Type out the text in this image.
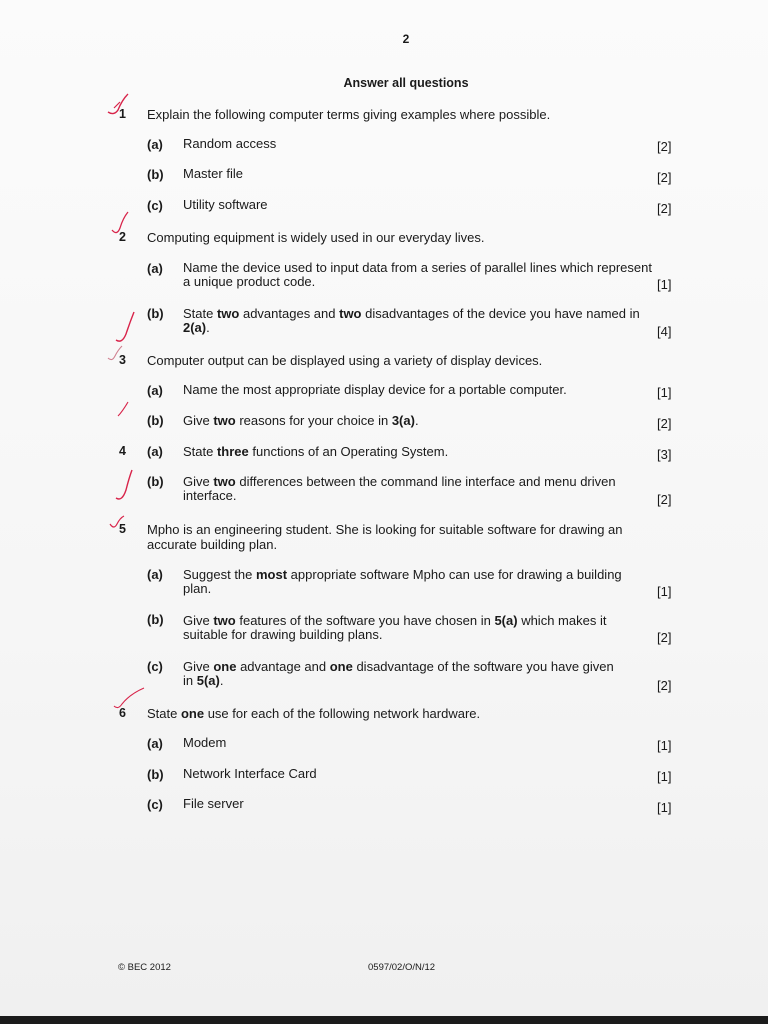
2
Answer all questions
1 Explain the following computer terms giving examples where possible.
(a) Random access	[2]
(b) Master file	[2]
(c) Utility software	[2]
2 Computing equipment is widely used in our everyday lives.
(a) Name the device used to input data from a series of parallel lines which represent a unique product code.	[1]
(b) State two advantages and two disadvantages of the device you have named in 2(a).	[4]
3 Computer output can be displayed using a variety of display devices.
(a) Name the most appropriate display device for a portable computer.	[1]
(b) Give two reasons for your choice in 3(a).	[2]
4 (a) State three functions of an Operating System.	[3]
(b) Give two differences between the command line interface and menu driven interface.	[2]
5 Mpho is an engineering student. She is looking for suitable software for drawing an accurate building plan.
(a) Suggest the most appropriate software Mpho can use for drawing a building plan.	[1]
(b) Give two features of the software you have chosen in 5(a) which makes it suitable for drawing building plans.	[2]
(c) Give one advantage and one disadvantage of the software you have given in 5(a).	[2]
6 State one use for each of the following network hardware.
(a) Modem	[1]
(b) Network Interface Card	[1]
(c) File server	[1]
© BEC 2012	0597/02/O/N/12
